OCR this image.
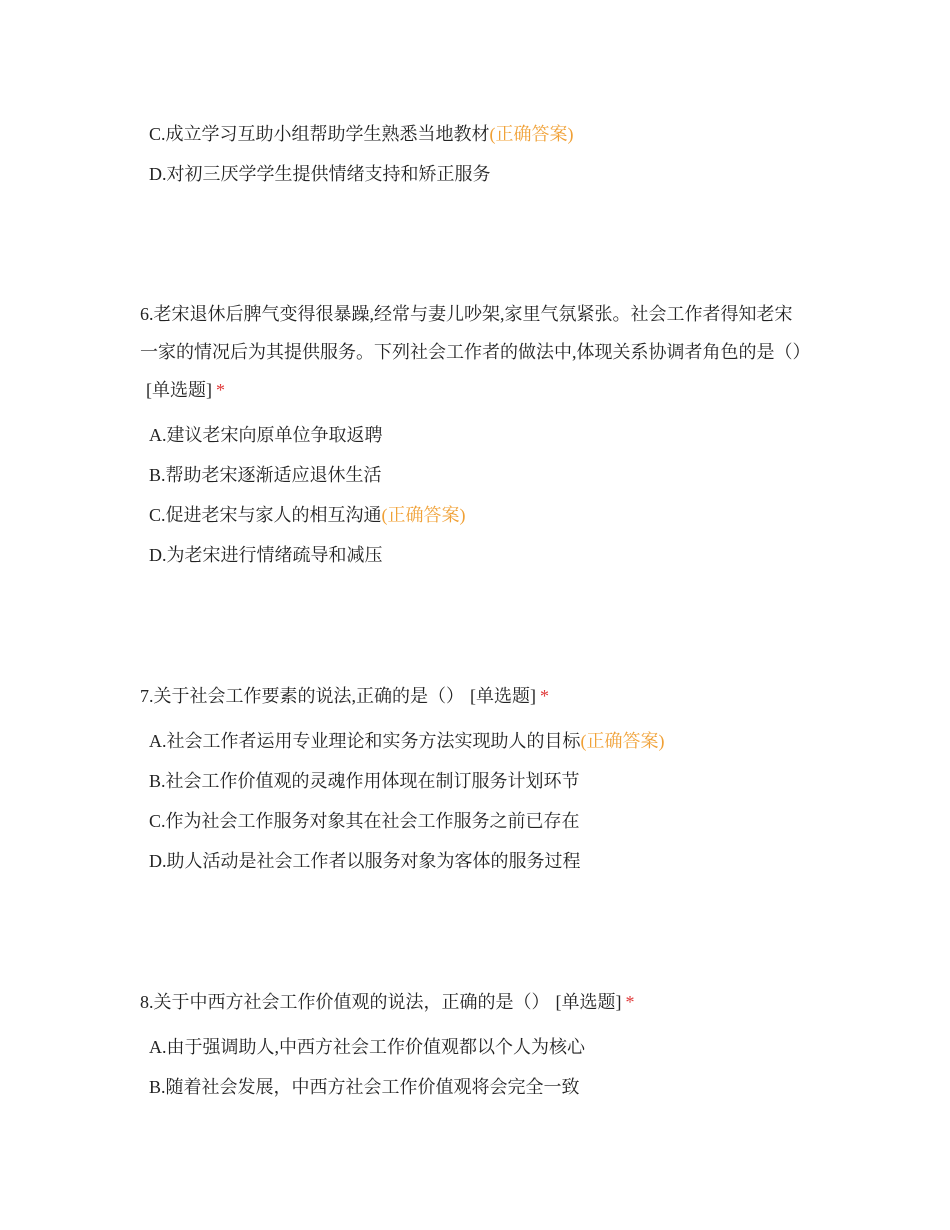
C.成立学习互助小组帮助学生熟悉当地教材(正确答案)
D.对初三厌学学生提供情绪支持和矫正服务

6.老宋退休后脾气变得很暴躁,经常与妻儿吵架,家里气氛紧张。社会工作者得知老宋一家的情况后为其提供服务。下列社会工作者的做法中,体现关系协调者角色的是（）[单选题] *

A.建议老宋向原单位争取返聘
B.帮助老宋逐渐适应退休生活
C.促进老宋与家人的相互沟通(正确答案)
D.为老宋进行情绪疏导和减压

7.关于社会工作要素的说法,正确的是（） [单选题] *

A.社会工作者运用专业理论和实务方法实现助人的目标(正确答案)
B.社会工作价值观的灵魂作用体现在制订服务计划环节
C.作为社会工作服务对象其在社会工作服务之前已存在
D.助人活动是社会工作者以服务对象为客体的服务过程

8.关于中西方社会工作价值观的说法，正确的是（） [单选题] *

A.由于强调助人,中西方社会工作价值观都以个人为核心
B.随着社会发展，中西方社会工作价值观将会完全一致
